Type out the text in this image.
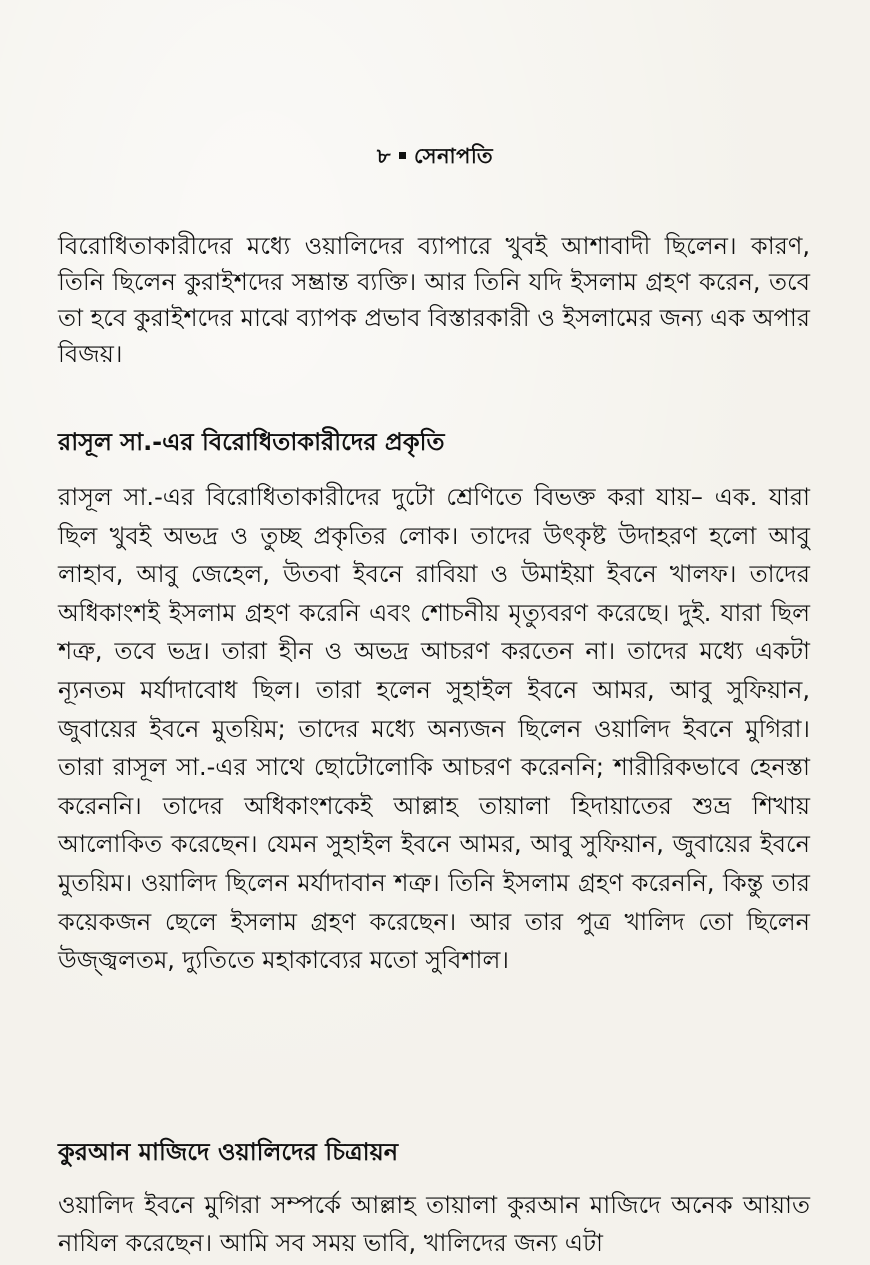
৮ সেনাপতি

বিরোধিতাকারীদের মধ্যে ওয়ালিদের ব্যাপারে খুবই আশাবাদী ছিলেন। কারণ, তিনি ছিলেন কুরাইশদের সম্ভ্রান্ত ব্যক্তি। আর তিনি যদি ইসলাম গ্রহণ করেন, তবে তা হবে কুরাইশদের মাঝে ব্যাপক প্রভাব বিস্তারকারী ও ইসলামের জন্য এক অপার বিজয়।

রাসূল সা.-এর বিরোধিতাকারীদের প্রকৃতি

রাসূল সা.-এর বিরোধিতাকারীদের দুটো শ্রেণিতে বিভক্ত করা যায়– এক. যারা ছিল খুবই অভদ্র ও তুচ্ছ প্রকৃতির লোক। তাদের উৎকৃষ্ট উদাহরণ হলো আবু লাহাব, আবু জেহেল, উতবা ইবনে রাবিয়া ও উমাইয়া ইবনে খালফ। তাদের অধিকাংশই ইসলাম গ্রহণ করেনি এবং শোচনীয় মৃত্যুবরণ করেছে। দুই. যারা ছিল শত্রু, তবে ভদ্র। তারা হীন ও অভদ্র আচরণ করতেন না। তাদের মধ্যে একটা ন্যূনতম মর্যাদাবোধ ছিল। তারা হলেন সুহাইল ইবনে আমর, আবু সুফিয়ান, জুবায়ের ইবনে মুতয়িম; তাদের মধ্যে অন্যজন ছিলেন ওয়ালিদ ইবনে মুগিরা। তারা রাসূল সা.-এর সাথে ছোটোলোকি আচরণ করেননি; শারীরিকভাবে হেনস্তা করেননি। তাদের অধিকাংশকেই আল্লাহ তায়ালা হিদায়াতের শুভ্র শিখায় আলোকিত করেছেন। যেমন সুহাইল ইবনে আমর, আবু সুফিয়ান, জুবায়ের ইবনে মুতয়িম। ওয়ালিদ ছিলেন মর্যাদাবান শত্রু। তিনি ইসলাম গ্রহণ করেননি, কিন্তু তার কয়েকজন ছেলে ইসলাম গ্রহণ করেছেন। আর তার পুত্র খালিদ তো ছিলেন উজ্জ্বলতম, দ্যুতিতে মহাকাব্যের মতো সুবিশাল।

কুরআন মাজিদে ওয়ালিদের চিত্রায়ন

ওয়ালিদ ইবনে মুগিরা সম্পর্কে আল্লাহ তায়ালা কুরআন মাজিদে অনেক আয়াত নাযিল করেছেন। আমি সব সময় ভাবি, খালিদের জন্য এটা
